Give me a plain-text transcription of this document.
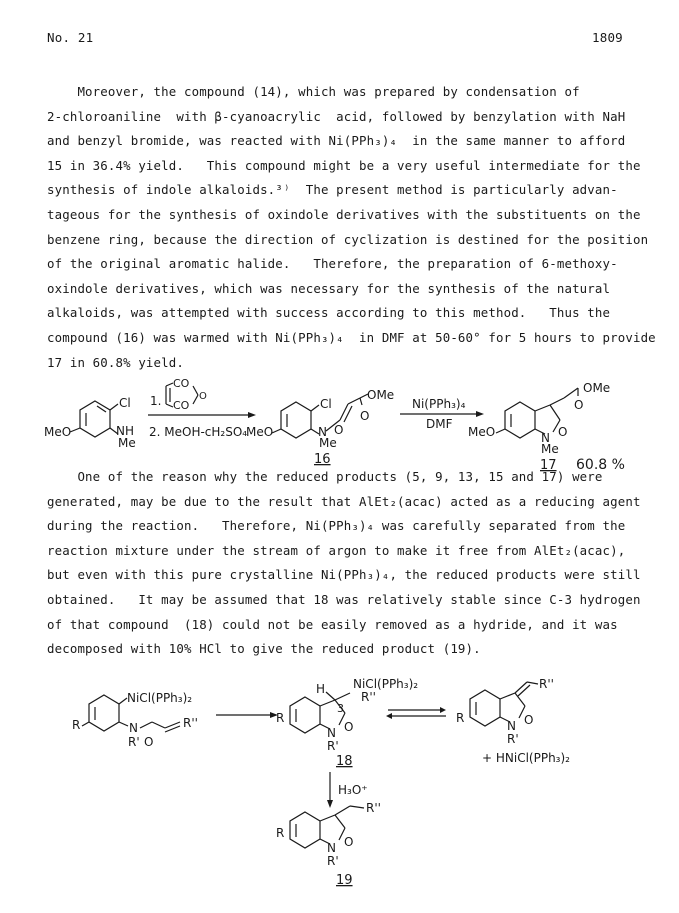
No. 21	1809
Moreover, the compound (14), which was prepared by condensation of
2-chloroaniline  with β-cyanoacrylic  acid, followed by benzylation with NaH
and benzyl bromide, was reacted with Ni(PPh₃)₄  in the same manner to afford
15 in 36.4% yield.   This compound might be a very useful intermediate for the
synthesis of indole alkaloids.³⁾  The present method is particularly advan-
tageous for the synthesis of oxindole derivatives with the substituents on the
benzene ring, because the direction of cyclization is destined for the position
of the original aromatic halide.   Therefore, the preparation of 6-methoxy-
oxindole derivatives, which was necessary for the synthesis of the natural
alkaloids, was attempted with success according to this method.   Thus the
compound (16) was warmed with Ni(PPh₃)₄  in DMF at 50-60° for 5 hours to provide
17 in 60.8% yield.
One of the reason why the reduced products (5, 9, 13, 15 and 17) were
generated, may be due to the result that AlEt₂(acac) acted as a reducing agent
during the reaction.   Therefore, Ni(PPh₃)₄ was carefully separated from the
reaction mixture under the stream of argon to make it free from AlEt₂(acac),
but even with this pure crystalline Ni(PPh₃)₄, the reduced products were still
obtained.   It may be assumed that 18 was relatively stable since C-3 hydrogen
of that compound  (18) could not be easily removed as a hydride, and it was
decomposed with 10% HCl to give the reduced product (19).
Cl
NH
Me
MeO
1.
CO
CO
O
2. MeOH-cH₂SO₄
Cl
OMe
O
O
N
Me
MeO
16
Ni(PPh₃)₄
DMF
OMe
O
O
N
Me
MeO
17 60.8 %
NiCl(PPh₃)₂
R	N
R' O
R''
NiCl(PPh₃)₂
H
3
R''
R
N O
R'
18
R''
R
N O
R'
+ HNiCl(PPh₃)₂
H₃O⁺
R''
R
N O
R'
19
